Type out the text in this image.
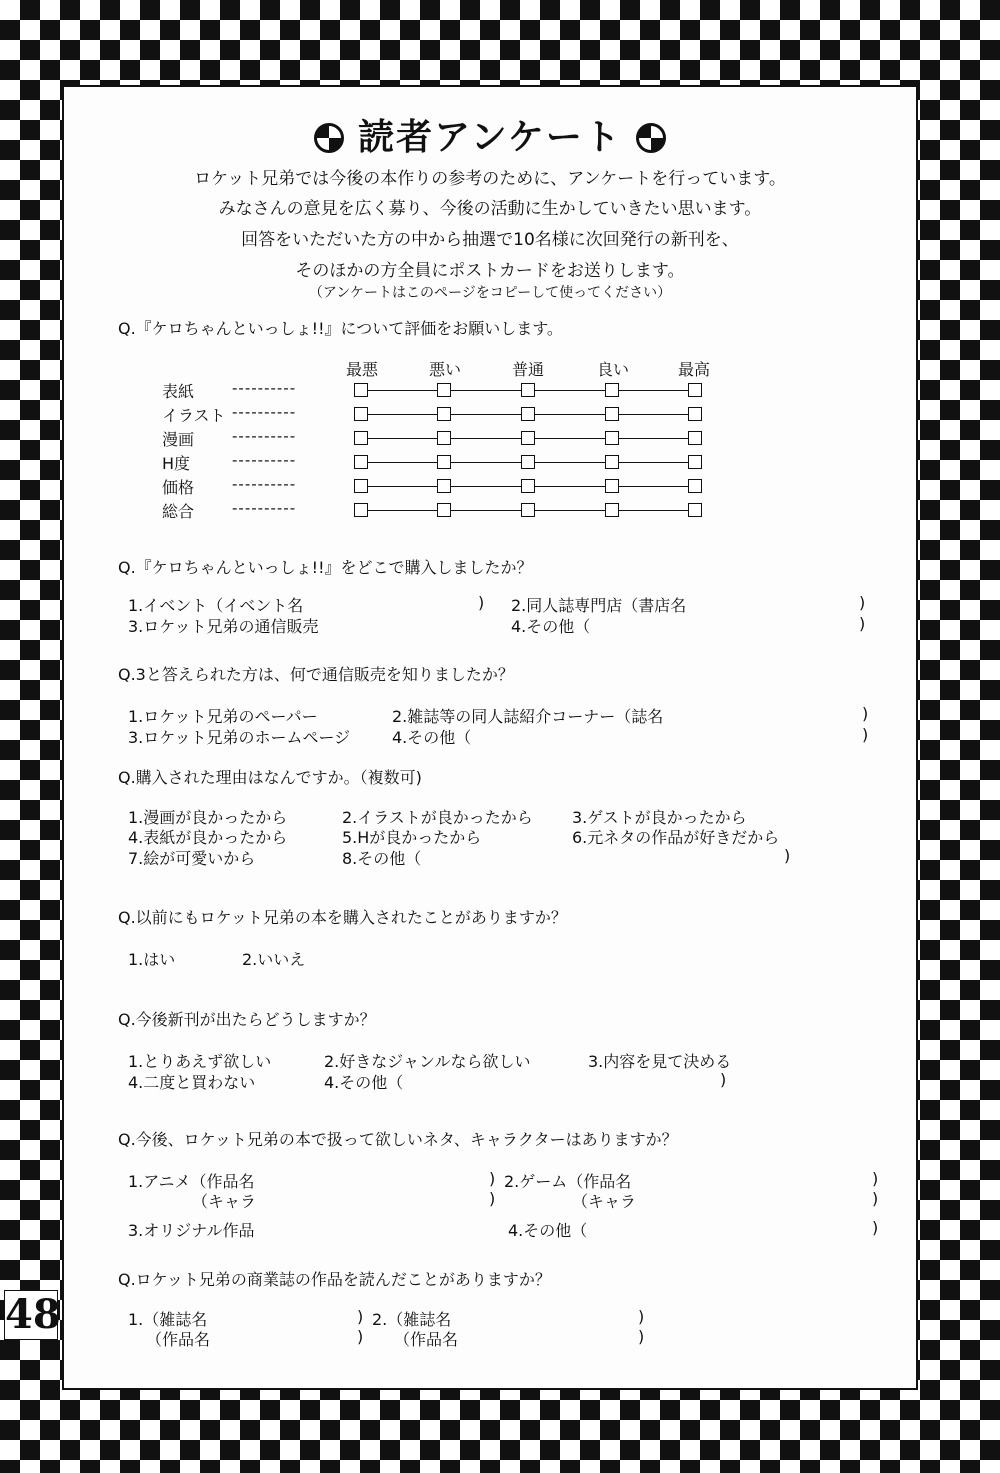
読者アンケート
ロケット兄弟では今後の本作りの参考のために、アンケートを行っています。
みなさんの意見を広く募り、今後の活動に生かしていきたい思います。
回答をいただいた方の中から抽選で10名様に次回発行の新刊を、
そのほかの方全員にポストカードをお送りします。
（アンケートはこのページをコピーして使ってください）
Q.『ケロちゃんといっしょ!!』について評価をお願いします。
最悪	悪い	普通	良い	最高
Q.『ケロちゃんといっしょ!!』をどこで購入しましたか？
1.イベント（イベント名	) 2.同人誌専門店（書店名	)
3.ロケット兄弟の通信販売	4.その他（	)
Q.3と答えられた方は、何で通信販売を知りましたか？
1.ロケット兄弟のペーパー	2.雑誌等の同人誌紹介コーナー（誌名	)
3.ロケット兄弟のホームページ	4.その他（	)
Q.購入された理由はなんですか。（複数可)
1.漫画が良かったから	2.イラストが良かったから 3.ゲストが良かったから
4.表紙が良かったから	5.Hが良かったから	6.元ネタの作品が好きだから
7.絵が可愛いから	8.その他（	)
Q.以前にもロケット兄弟の本を購入されたことがありますか？
1.はい	2.いいえ
Q.今後新刊が出たらどうしますか？
1.とりあえず欲しい	2.好きなジャンルなら欲しい	3.内容を見て決める
4.二度と買わない	4.その他（	)
Q.今後、ロケット兄弟の本で扱って欲しいネタ、キャラクターはありますか？
1.アニメ（作品名	) 2.ゲーム（作品名	)
（キャラ	)	（キャラ	)
3.オリジナル作品	4.その他（	)
Q.ロケット兄弟の商業誌の作品を読んだことがありますか？
1.（雑誌名	) 2.（雑誌名	)
（作品名	) （作品名	)
表紙	----------
イラスト ----------
漫画	----------
H度	----------
価格	----------
総合	----------
48
